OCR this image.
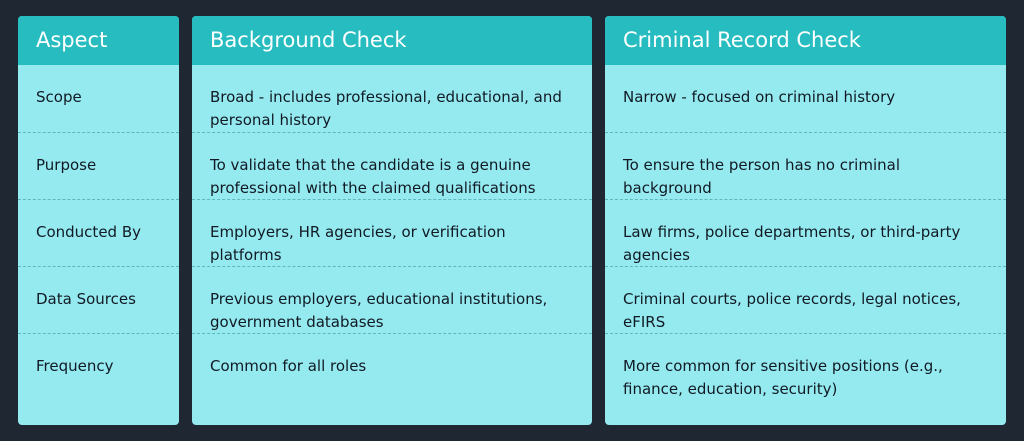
Aspect
Scope
Purpose
Conducted By
Data Sources
Frequency
Background Check
Broad - includes professional, educational, and personal history
To validate that the candidate is a genuine professional with the claimed qualifications
Employers, HR agencies, or verification platforms
Previous employers, educational institutions, government databases
Common for all roles
Criminal Record Check
Narrow - focused on criminal history
To ensure the person has no criminal background
Law firms, police departments, or third-party agencies
Criminal courts, police records, legal notices, eFIRS
More common for sensitive positions (e.g., finance, education, security)
